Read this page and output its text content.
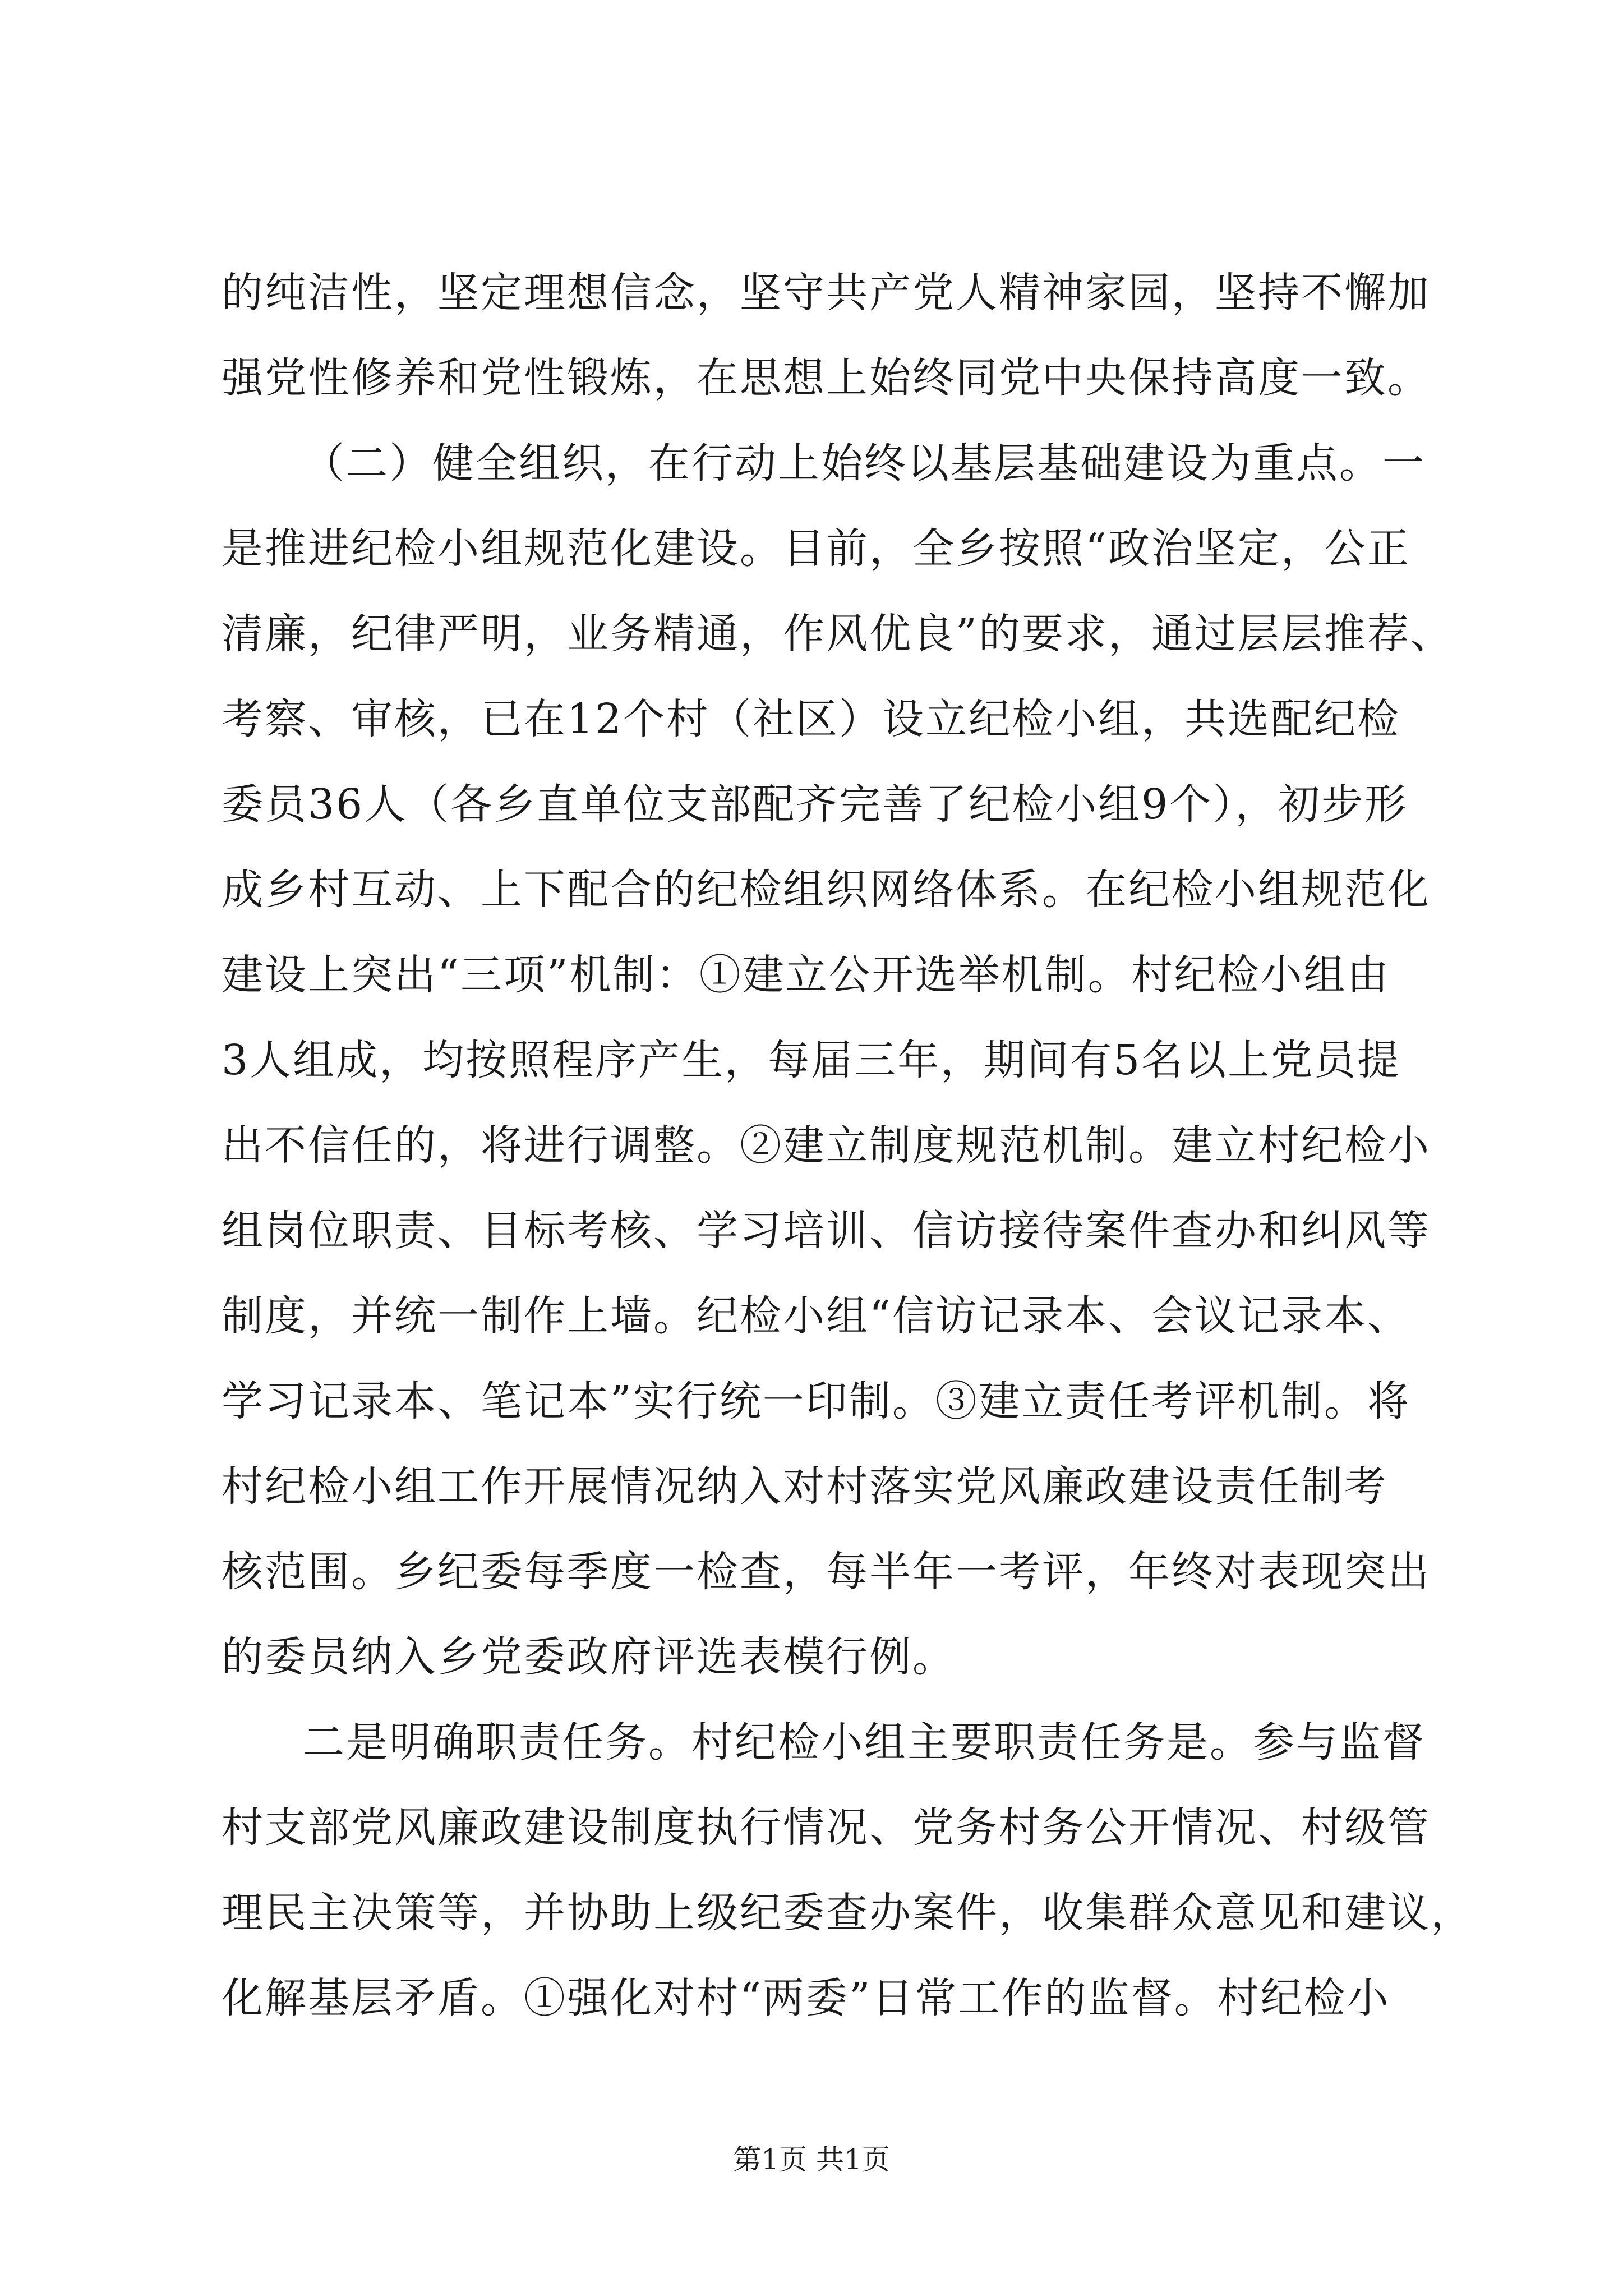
的纯洁性，坚定理想信念，坚守共产党人精神家园，坚持不懈加
强党性修养和党性锻炼，在思想上始终同党中央保持高度一致。
（二）健全组织，在行动上始终以基层基础建设为重点。一
是推进纪检小组规范化建设。目前，全乡按照“政治坚定，公正
清廉，纪律严明，业务精通，作风优良”的要求，通过层层推荐、
考察、审核，已在12个村（社区）设立纪检小组，共选配纪检
委员36人（各乡直单位支部配齐完善了纪检小组9个），初步形
成乡村互动、上下配合的纪检组织网络体系。在纪检小组规范化
建设上突出“三项”机制：①建立公开选举机制。村纪检小组由
3人组成，均按照程序产生，每届三年，期间有5名以上党员提
出不信任的，将进行调整。②建立制度规范机制。建立村纪检小
组岗位职责、目标考核、学习培训、信访接待案件查办和纠风等
制度，并统一制作上墙。纪检小组“信访记录本、会议记录本、
学习记录本、笔记本”实行统一印制。③建立责任考评机制。将
村纪检小组工作开展情况纳入对村落实党风廉政建设责任制考
核范围。乡纪委每季度一检查，每半年一考评，年终对表现突出
的委员纳入乡党委政府评选表模行例。
二是明确职责任务。村纪检小组主要职责任务是。参与监督
村支部党风廉政建设制度执行情况、党务村务公开情况、村级管
理民主决策等，并协助上级纪委查办案件，收集群众意见和建议，
化解基层矛盾。①强化对村“两委”日常工作的监督。村纪检小
第1页 共1页
